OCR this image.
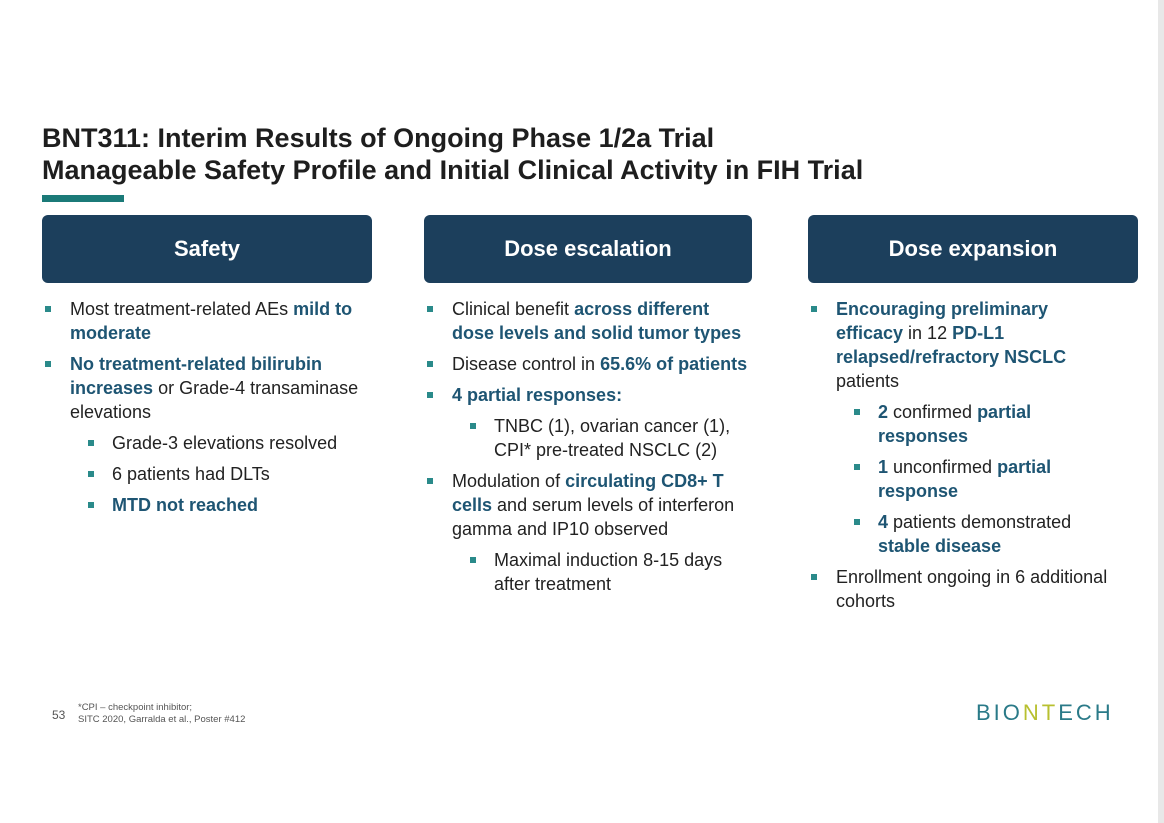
BNT311: Interim Results of Ongoing Phase 1/2a Trial
Manageable Safety Profile and Initial Clinical Activity in FIH Trial
Safety
Most treatment-related AEs mild to moderate
No treatment-related bilirubin increases or Grade-4 transaminase elevations
Grade-3 elevations resolved
6 patients had DLTs
MTD not reached
Dose escalation
Clinical benefit across different dose levels and solid tumor types
Disease control in 65.6% of patients
4 partial responses:
TNBC (1), ovarian cancer (1), CPI* pre-treated NSCLC (2)
Modulation of circulating CD8+ T cells and serum levels of interferon gamma and IP10 observed
Maximal induction 8-15 days after treatment
Dose expansion
Encouraging preliminary efficacy in 12 PD-L1 relapsed/refractory NSCLC patients
2 confirmed partial responses
1 unconfirmed partial response
4 patients demonstrated stable disease
Enrollment ongoing in 6 additional cohorts
53
*CPI – checkpoint inhibitor;
SITC 2020, Garralda et al., Poster #412	BIONTECH
